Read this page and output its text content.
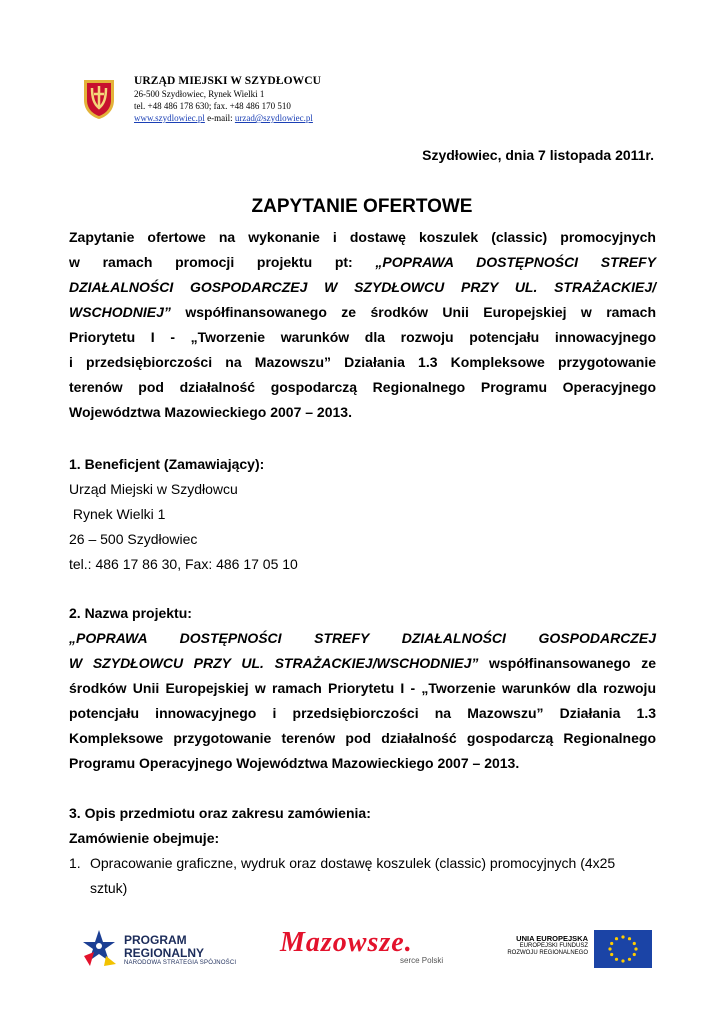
URZĄD MIEJSKI W SZYDŁOWCU
26-500 Szydłowiec, Rynek Wielki 1
tel. +48 486 178 630; fax. +48 486 170 510
www.szydlowiec.pl e-mail: urzad@szydlowiec.pl
Szydłowiec, dnia 7 listopada 2011r.
ZAPYTANIE OFERTOWE

Zapytanie ofertowe na wykonanie i dostawę koszulek (classic) promocyjnych

w ramach promocji projektu pt: „POPRAWA DOSTĘPNOŚCI STREFY

DZIAŁALNOŚCI GOSPODARCZEJ W SZYDŁOWCU PRZY UL. STRAŻACKIEJ/

WSCHODNIEJ” współfinansowanego ze środków Unii Europejskiej w ramach

Priorytetu I - „Tworzenie warunków dla rozwoju potencjału innowacyjnego

i przedsiębiorczości na Mazowszu” Działania 1.3 Kompleksowe przygotowanie

terenów pod działalność gospodarczą Regionalnego Programu Operacyjnego

Województwa Mazowieckiego 2007 – 2013.

1. Beneficjent (Zamawiający):

Urząd Miejski w Szydłowcu

Rynek Wielki 1

26 – 500 Szydłowiec

tel.: 486 17 86 30, Fax: 486 17 05 10

2. Nazwa projektu:

„POPRAWA DOSTĘPNOŚCI STREFY DZIAŁALNOŚCI GOSPODARCZEJ

W SZYDŁOWCU PRZY UL. STRAŻACKIEJ/WSCHODNIEJ” współfinansowanego ze

środków Unii Europejskiej w ramach Priorytetu I - „Tworzenie warunków dla rozwoju

potencjału innowacyjnego i przedsiębiorczości na Mazowszu” Działania 1.3

Kompleksowe przygotowanie terenów pod działalność gospodarczą Regionalnego

Programu Operacyjnego Województwa Mazowieckiego 2007 – 2013.

3. Opis przedmiotu oraz zakresu zamówienia:

Zamówienie obejmuje:

1. Opracowanie graficzne, wydruk oraz dostawę koszulek (classic) promocyjnych (4x25

sztuk)

PROGRAM
REGIONALNY
NARODOWA STRATEGIA SPÓJNOŚCI
Mazowsze.
serce Polski
UNIA EUROPEJSKA
EUROPEJSKI FUNDUSZ
ROZWOJU REGIONALNEGO
